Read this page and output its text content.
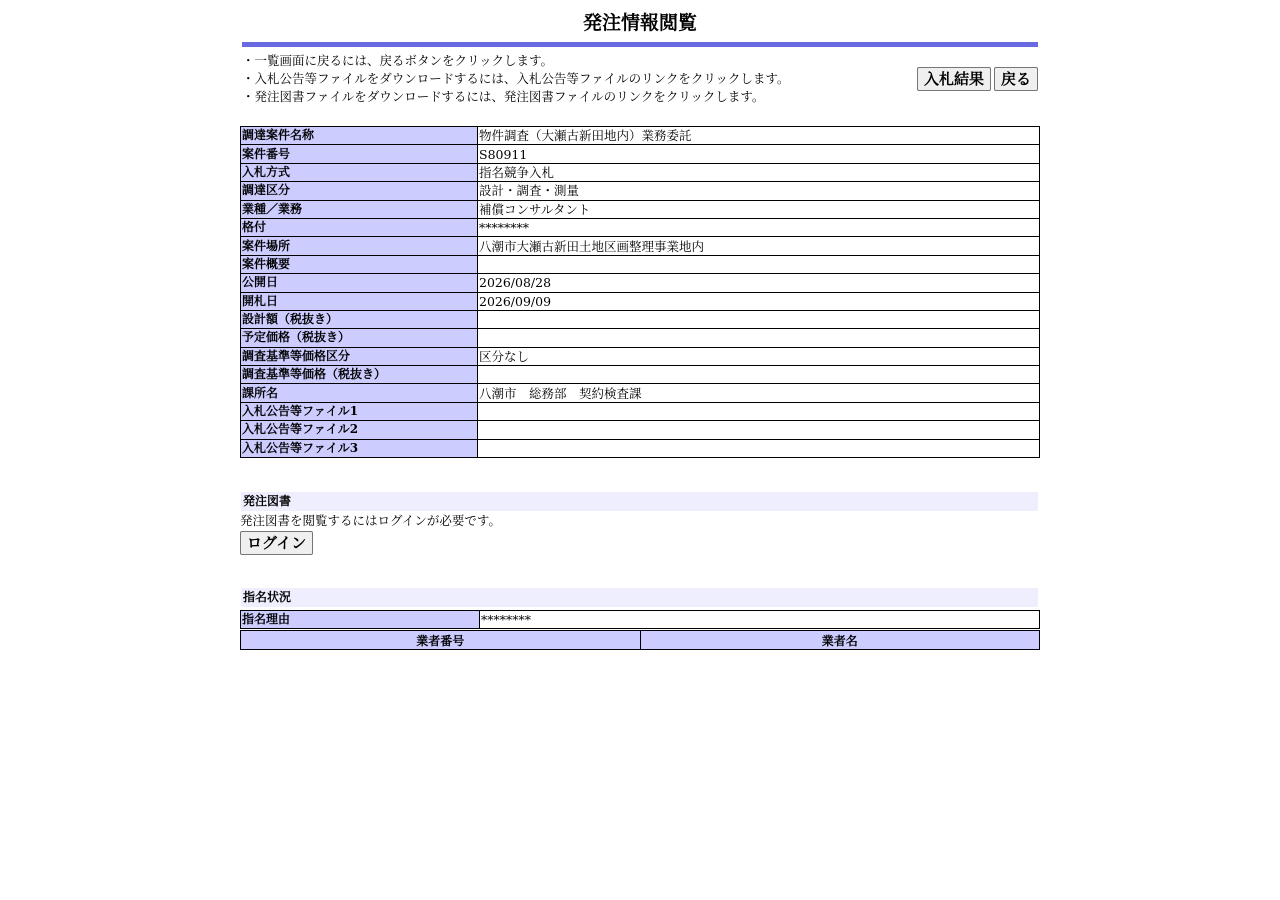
発注情報閲覧
・一覧画面に戻るには、戻るボタンをクリックします。
・入札公告等ファイルをダウンロードするには、入札公告等ファイルのリンクをクリックします。
・発注図書ファイルをダウンロードするには、発注図書ファイルのリンクをクリックします。
入札結果	戻る
調達案件名称	物件調査（大瀬古新田地内）業務委託
案件番号	S80911
入札方式	指名競争入札
調達区分	設計・調査・測量
業種／業務	補償コンサルタント
格付	********
案件場所	八潮市大瀬古新田土地区画整理事業地内
案件概要	
公開日	2026/08/28
開札日	2026/09/09
設計額（税抜き）	
予定価格（税抜き）	
調査基準等価格区分	区分なし
調査基準等価格（税抜き）	
課所名	八潮市　総務部　契約検査課
入札公告等ファイル1	
入札公告等ファイル2	
入札公告等ファイル3	
発注図書
発注図書を閲覧するにはログインが必要です。
ログイン
指名状況
指名理由	********
業者番号	業者名
